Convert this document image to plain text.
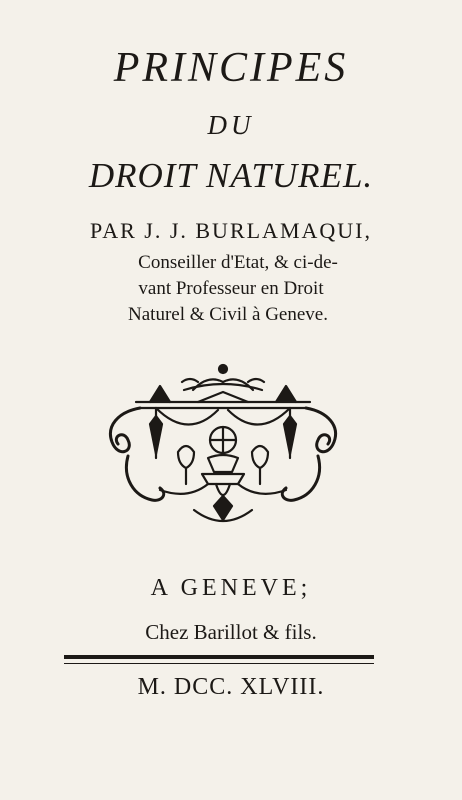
PRINCIPES
DU
DROIT NATUREL.
PAR J. J. BURLAMAQUI,
Conseiller d'Etat, & ci-de-
vant Professeur en Droit
Naturel & Civil à Geneve.
A GENEVE;
Chez Barillot & fils.
M. DCC. XLVIII.
